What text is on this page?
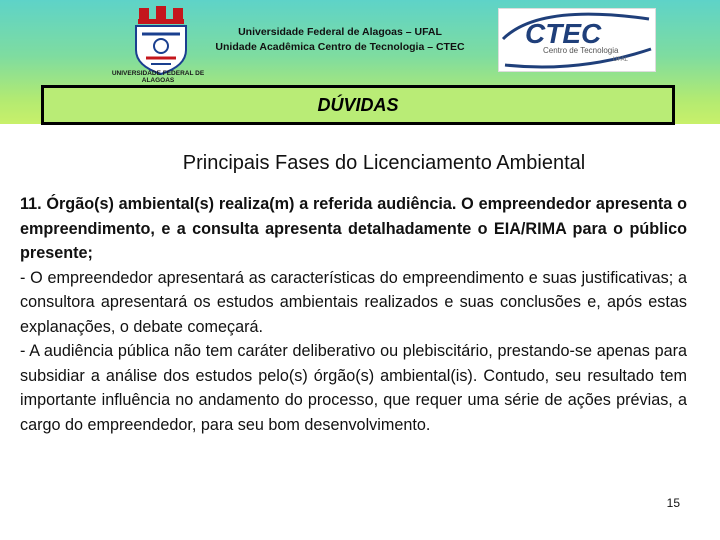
UNIVERSIDADE FEDERAL DE ALAGOAS
Universidade Federal de Alagoas – UFAL
Unidade Acadêmica Centro de Tecnologia – CTEC	CTEC
Centro de Tecnologia
UFAL
DÚVIDAS
Principais Fases do Licenciamento Ambiental

11. Órgão(s) ambiental(s) realiza(m) a referida audiência. O empreendedor apresenta o empreendimento, e a consulta apresenta detalhadamente o EIA/RIMA para o público presente;

- O empreendedor apresentará as características do empreendimento e suas justificativas; a consultora apresentará os estudos ambientais realizados e suas conclusões e, após estas explanações, o debate começará.

- A audiência pública não tem caráter deliberativo ou plebiscitário, prestando-se apenas para subsidiar a análise dos estudos pelo(s) órgão(s) ambiental(is). Contudo, seu resultado tem importante influência no andamento do processo, que requer uma série de ações prévias, a cargo do empreendedor, para seu bom desenvolvimento.

15
